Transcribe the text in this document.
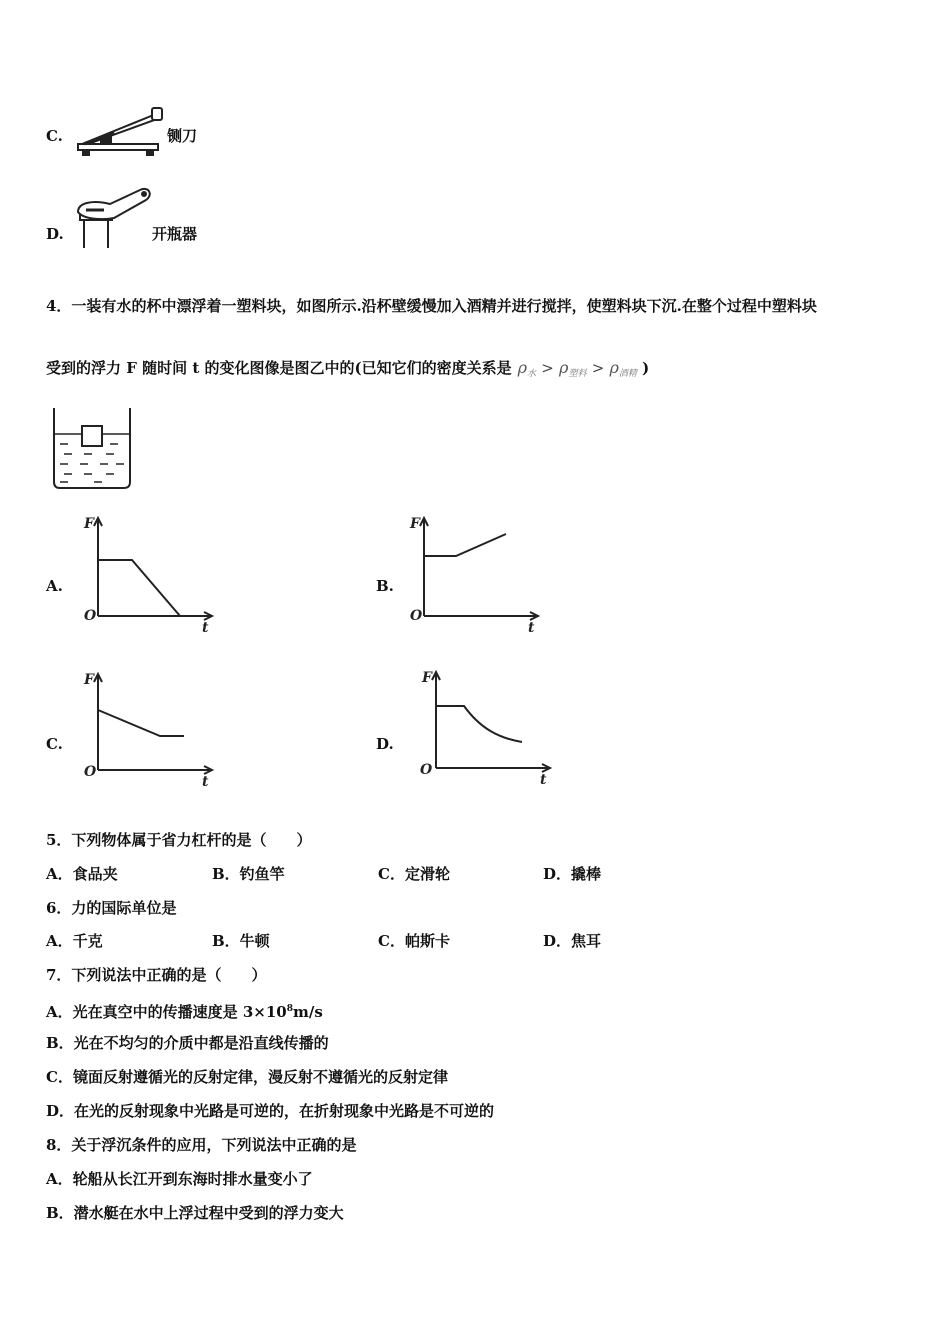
C.	铡刀
D.	开瓶器
4．一装有水的杯中漂浮着一塑料块，如图所示.沿杯壁缓慢加入酒精并进行搅拌，使塑料块下沉.在整个过程中塑料块
受到的浮力 F 随时间 t 的变化图像是图乙中的(已知它们的密度关系是 $\rho_水 > \rho_{塑料} > \rho_{酒精}$ )
A.
F
t
O
B.
F
t
O
C.
F
t
O
D.
F
t
O
5．下列物体属于省力杠杆的是（　　）
A．食品夹	B．钓鱼竿	C．定滑轮	D．撬棒
6．力的国际单位是
A．千克	B．牛顿	C．帕斯卡	D．焦耳
7．下列说法中正确的是（　　）
A．光在真空中的传播速度是 $3\times 10^8m/s$
B．光在不均匀的介质中都是沿直线传播的
C．镜面反射遵循光的反射定律，漫反射不遵循光的反射定律
D．在光的反射现象中光路是可逆的，在折射现象中光路是不可逆的
8．关于浮沉条件的应用，下列说法中正确的是
A．轮船从长江开到东海时排水量变小了
B．潜水艇在水中上浮过程中受到的浮力变大
